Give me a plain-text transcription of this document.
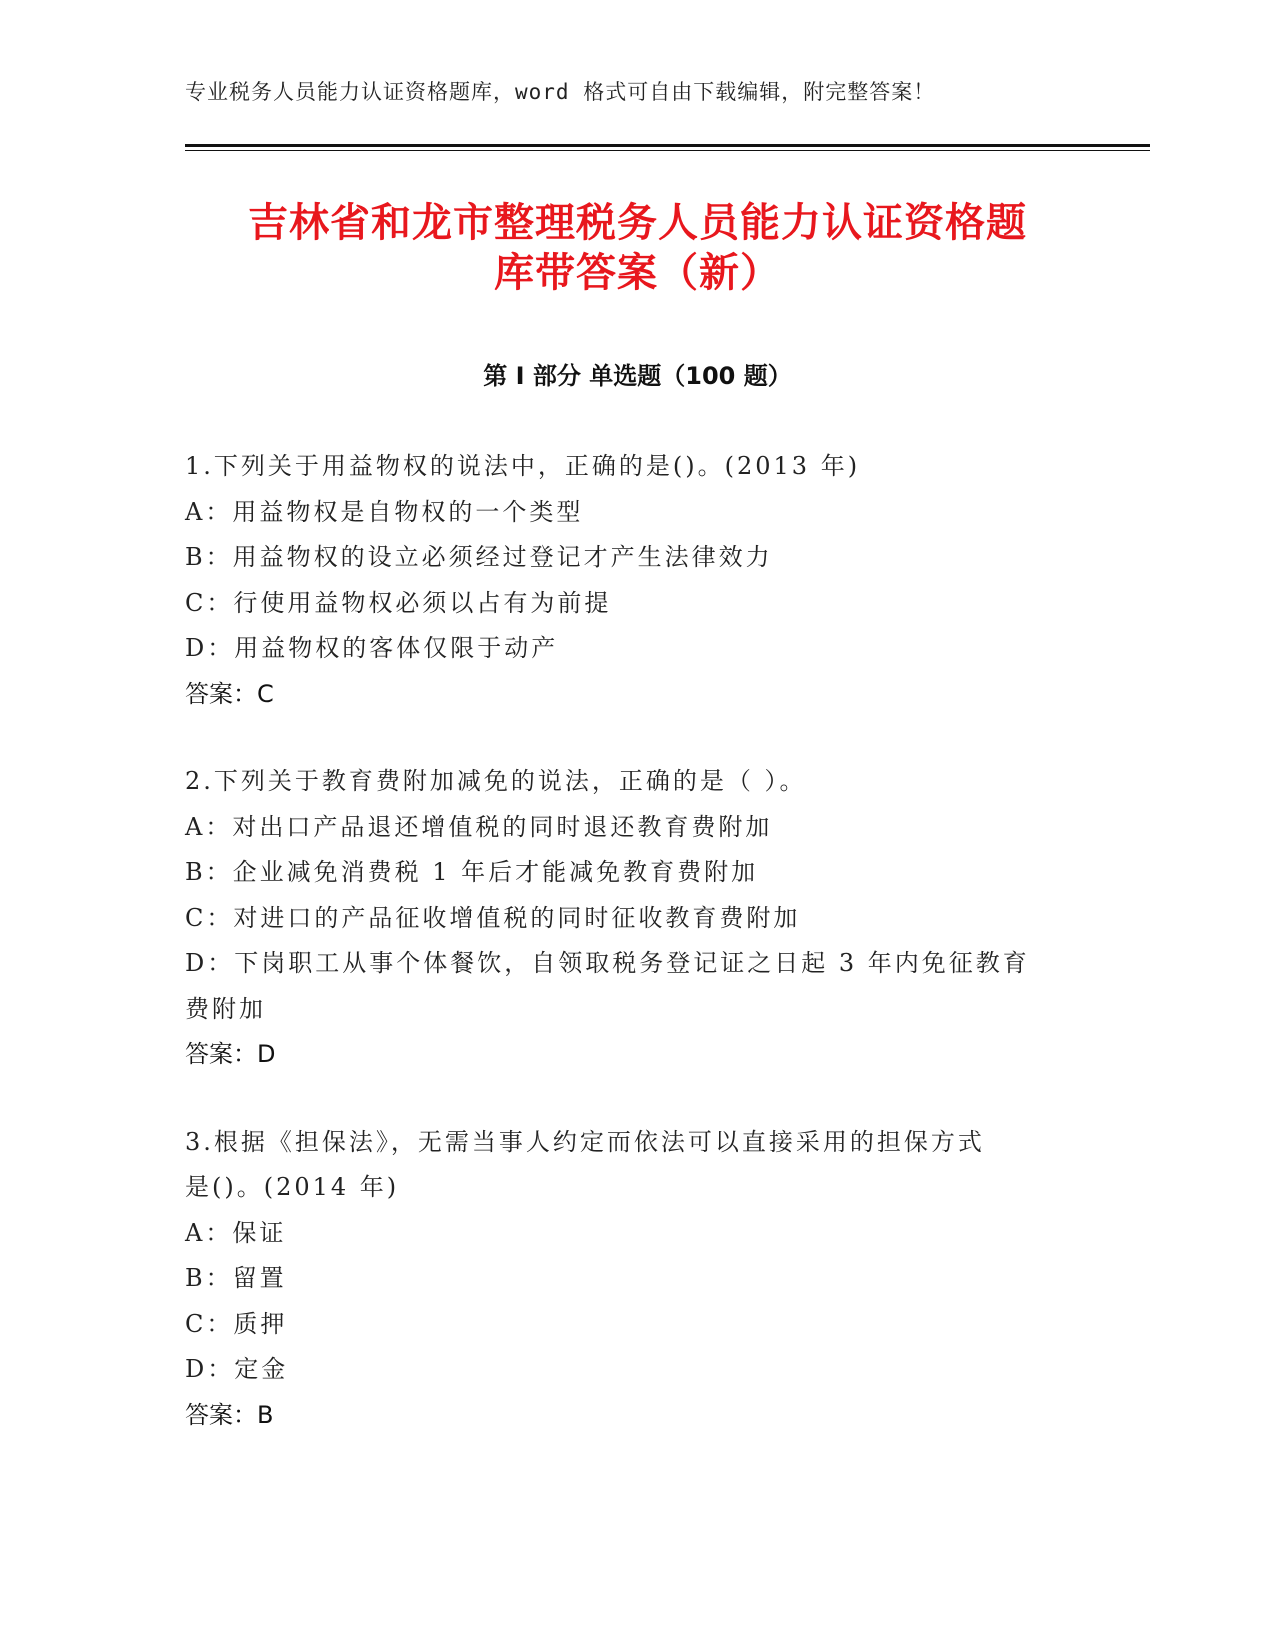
专业税务人员能力认证资格题库，word 格式可自由下载编辑，附完整答案！
吉林省和龙市整理税务人员能力认证资格题
库带答案（新）
第 I 部分 单选题（100 题）
1.下列关于用益物权的说法中，正确的是()。(2013 年)
A：用益物权是自物权的一个类型
B：用益物权的设立必须经过登记才产生法律效力
C：行使用益物权必须以占有为前提
D：用益物权的客体仅限于动产
答案：C
2.下列关于教育费附加减免的说法，正确的是（ ）。
A：对出口产品退还增值税的同时退还教育费附加
B：企业减免消费税 1 年后才能减免教育费附加
C：对进口的产品征收增值税的同时征收教育费附加
D：下岗职工从事个体餐饮，自领取税务登记证之日起 3 年内免征教育
费附加
答案：D
3.根据《担保法》，无需当事人约定而依法可以直接采用的担保方式
是()。(2014 年)
A：保证
B：留置
C：质押
D：定金
答案：B
